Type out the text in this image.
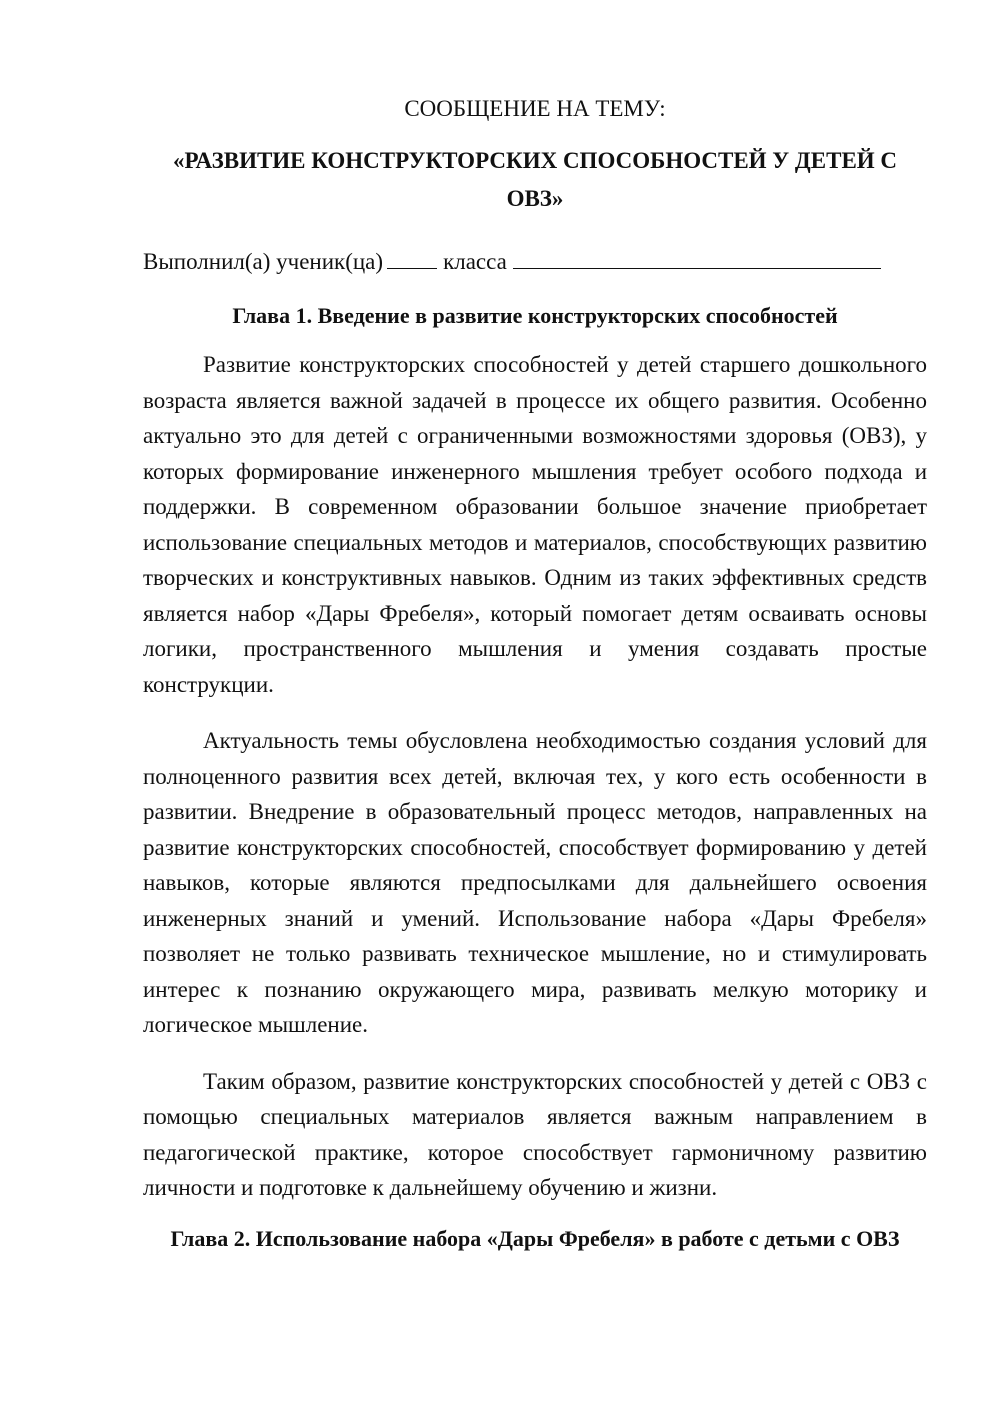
СООБЩЕНИЕ НА ТЕМУ:

«РАЗВИТИЕ КОНСТРУКТОРСКИХ СПОСОБНОСТЕЙ У ДЕТЕЙ С ОВЗ»

Выполнил(а) ученик(ца)	класса

Глава 1. Введение в развитие конструкторских способностей

Развитие конструкторских способностей у детей старшего дошкольного возраста является важной задачей в процессе их общего развития. Особенно актуально это для детей с ограниченными возможностями здоровья (ОВЗ), у которых формирование инженерного мышления требует особого подхода и поддержки. В современном образовании большое значение приобретает использование специальных методов и материалов, способствующих развитию творческих и конструктивных навыков. Одним из таких эффективных средств является набор «Дары Фребеля», который помогает детям осваивать основы логики, пространственного мышления и умения создавать простые конструкции.

Актуальность темы обусловлена необходимостью создания условий для полноценного развития всех детей, включая тех, у кого есть особенности в развитии. Внедрение в образовательный процесс методов, направленных на развитие конструкторских способностей, способствует формированию у детей навыков, которые являются предпосылками для дальнейшего освоения инженерных знаний и умений. Использование набора «Дары Фребеля» позволяет не только развивать техническое мышление, но и стимулировать интерес к познанию окружающего мира, развивать мелкую моторику и логическое мышление.

Таким образом, развитие конструкторских способностей у детей с ОВЗ с помощью специальных материалов является важным направлением в педагогической практике, которое способствует гармоничному развитию личности и подготовке к дальнейшему обучению и жизни.

Глава 2. Использование набора «Дары Фребеля» в работе с детьми с ОВЗ
